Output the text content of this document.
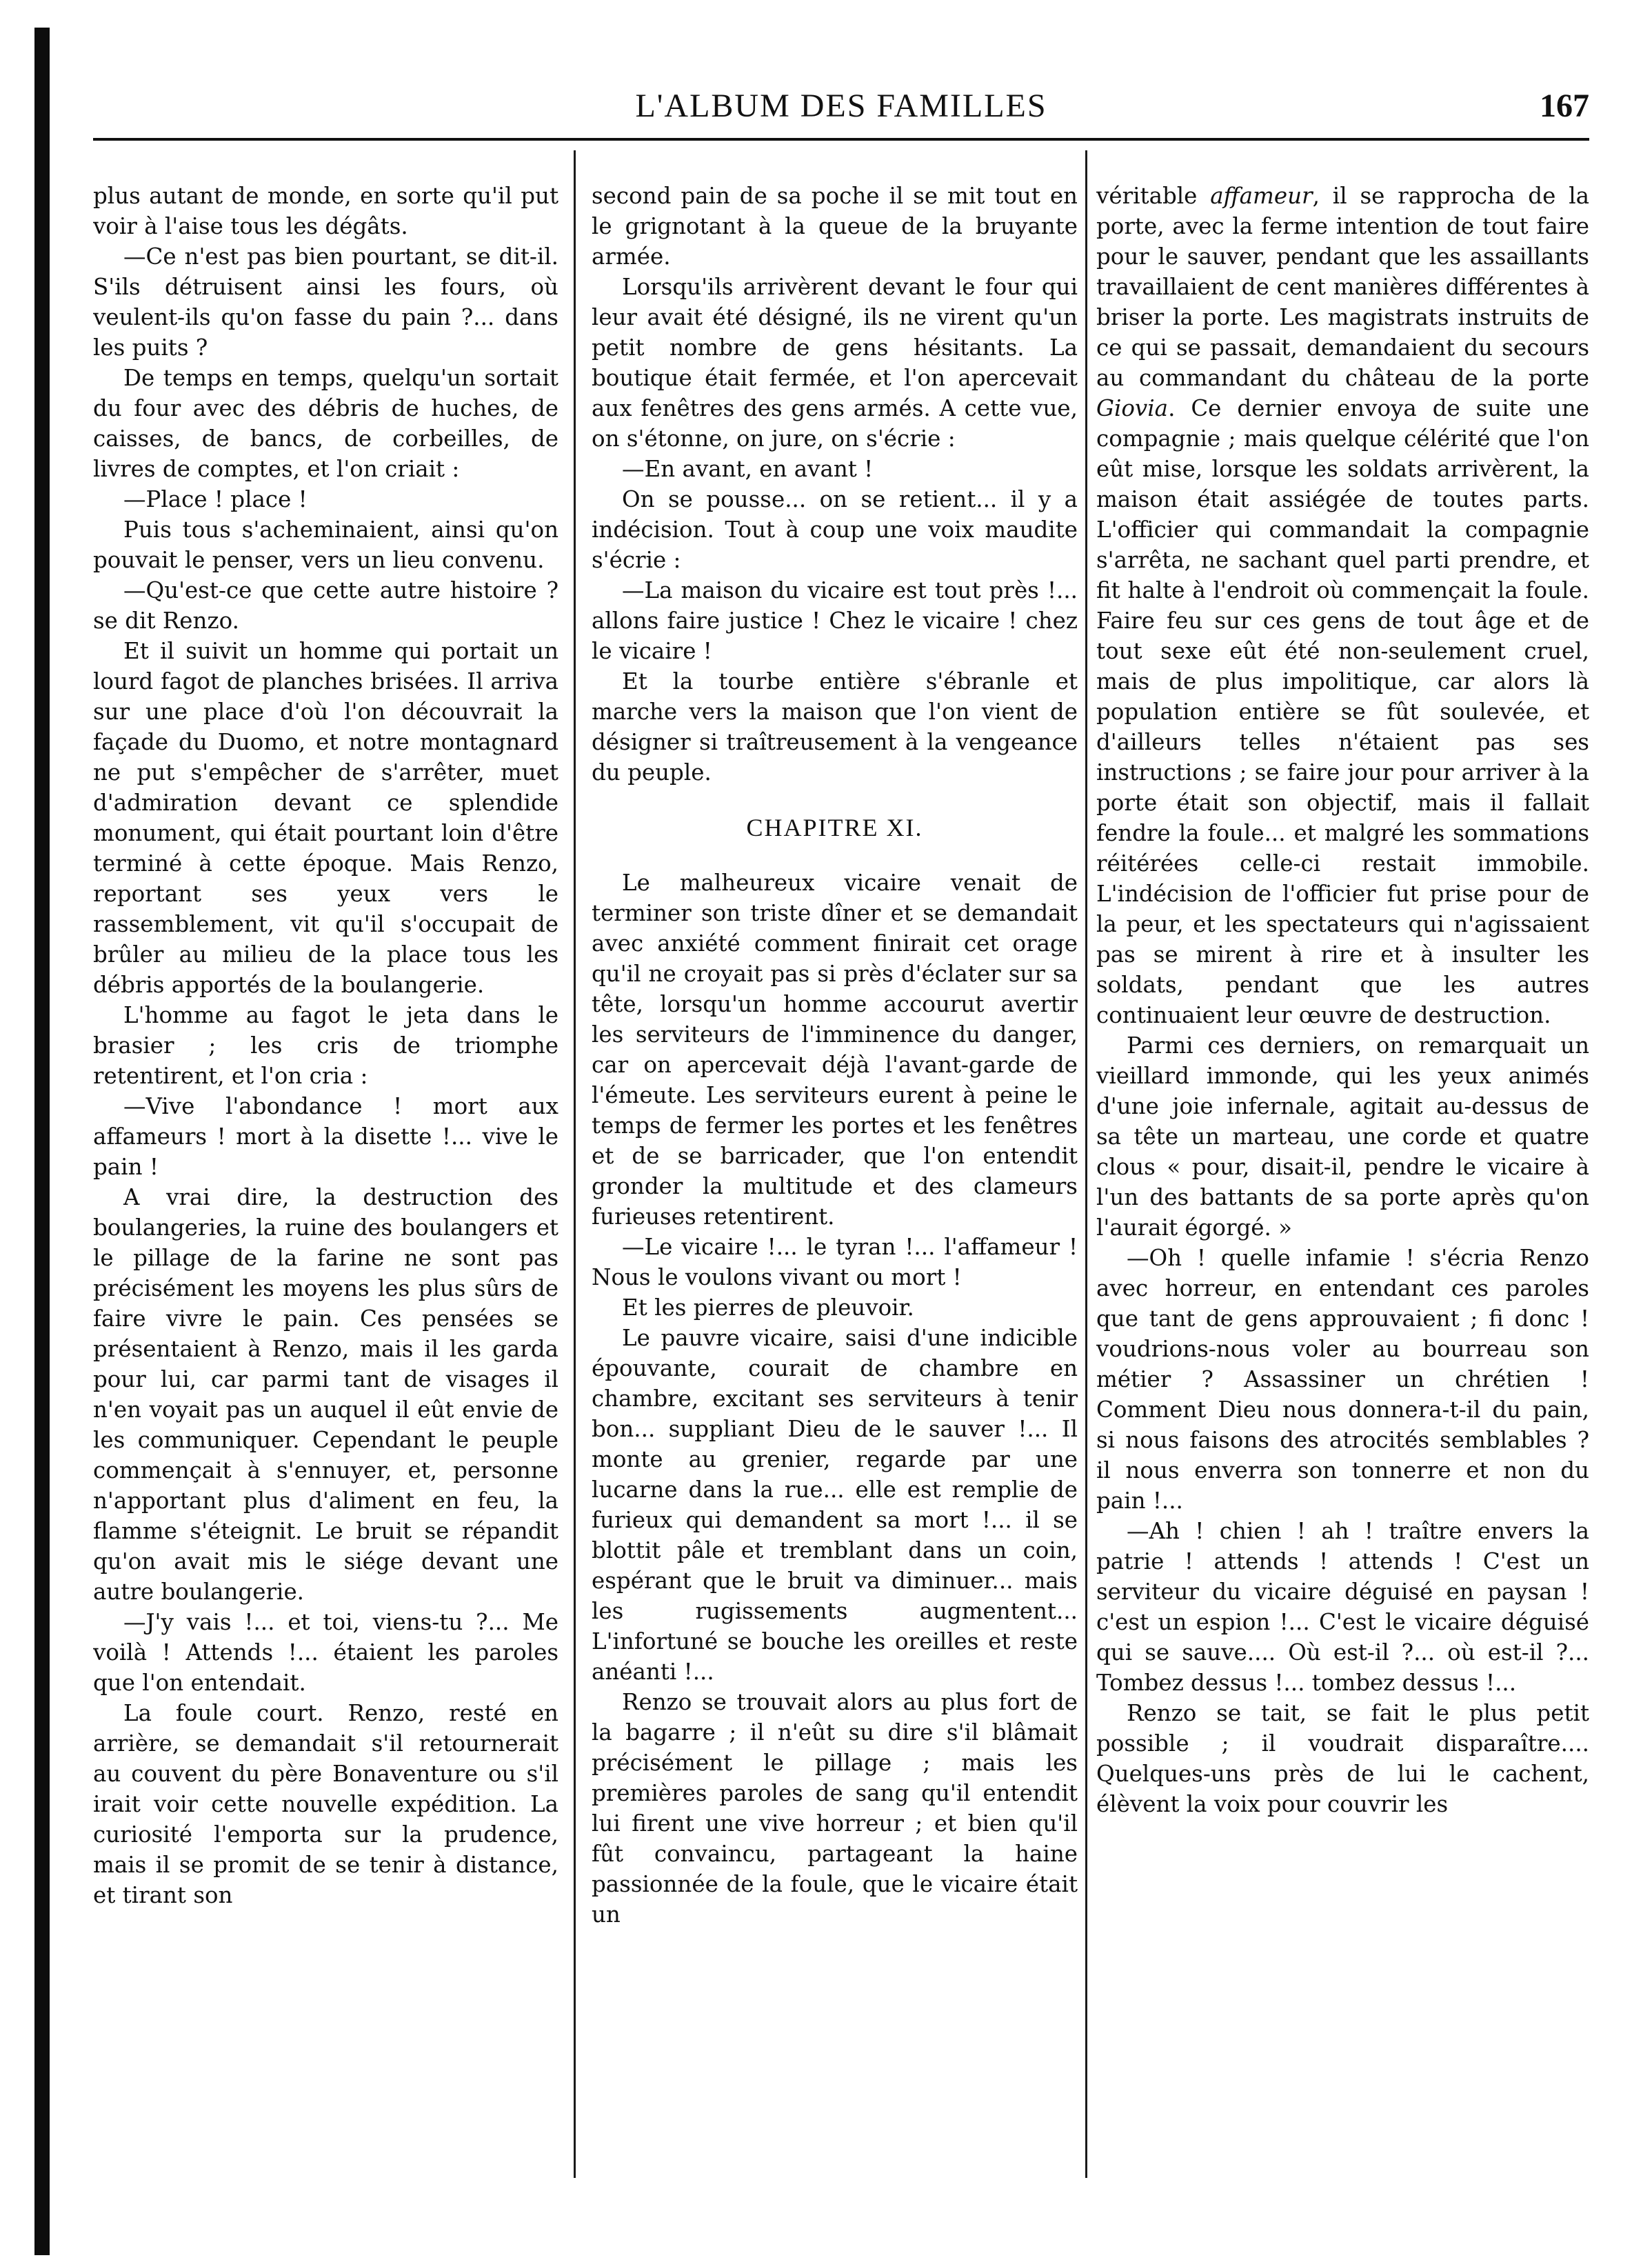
L'ALBUM DES FAMILLES	167

plus autant de monde, en sorte qu'il put voir à l'aise tous les dégâts.

—Ce n'est pas bien pourtant, se dit-il. S'ils détruisent ainsi les fours, où veulent-ils qu'on fasse du pain ?... dans les puits ?

De temps en temps, quelqu'un sortait du four avec des débris de huches, de caisses, de bancs, de corbeilles, de livres de comptes, et l'on criait :

—Place ! place !

Puis tous s'acheminaient, ainsi qu'on pouvait le penser, vers un lieu convenu.

—Qu'est-ce que cette autre histoire ? se dit Renzo.

Et il suivit un homme qui portait un lourd fagot de planches brisées. Il arriva sur une place d'où l'on découvrait la façade du Duomo, et notre montagnard ne put s'empêcher de s'arrêter, muet d'admiration devant ce splendide monument, qui était pourtant loin d'être terminé à cette époque. Mais Renzo, reportant ses yeux vers le rassemblement, vit qu'il s'occupait de brûler au milieu de la place tous les débris apportés de la boulangerie.

L'homme au fagot le jeta dans le brasier ; les cris de triomphe retentirent, et l'on cria :

—Vive l'abondance ! mort aux affameurs ! mort à la disette !... vive le pain !

A vrai dire, la destruction des boulangeries, la ruine des boulangers et le pillage de la farine ne sont pas précisément les moyens les plus sûrs de faire vivre le pain. Ces pensées se présentaient à Renzo, mais il les garda pour lui, car parmi tant de visages il n'en voyait pas un auquel il eût envie de les communiquer. Cependant le peuple commençait à s'ennuyer, et, personne n'apportant plus d'aliment en feu, la flamme s'éteignit. Le bruit se répandit qu'on avait mis le siége devant une autre boulangerie.

—J'y vais !... et toi, viens-tu ?... Me voilà ! Attends !... étaient les paroles que l'on entendait.

La foule court. Renzo, resté en arrière, se demandait s'il retournerait au couvent du père Bonaventure ou s'il irait voir cette nouvelle expédition. La curiosité l'emporta sur la prudence, mais il se promit de se tenir à distance, et tirant son

second pain de sa poche il se mit tout en le grignotant à la queue de la bruyante armée.

Lorsqu'ils arrivèrent devant le four qui leur avait été désigné, ils ne virent qu'un petit nombre de gens hésitants. La boutique était fermée, et l'on apercevait aux fenêtres des gens armés. A cette vue, on s'étonne, on jure, on s'écrie :

—En avant, en avant !

On se pousse... on se retient... il y a indécision. Tout à coup une voix maudite s'écrie :

—La maison du vicaire est tout près !... allons faire justice ! Chez le vicaire ! chez le vicaire !

Et la tourbe entière s'ébranle et marche vers la maison que l'on vient de désigner si traîtreusement à la vengeance du peuple.

CHAPITRE XI.

Le malheureux vicaire venait de terminer son triste dîner et se demandait avec anxiété comment finirait cet orage qu'il ne croyait pas si près d'éclater sur sa tête, lorsqu'un homme accourut avertir les serviteurs de l'imminence du danger, car on apercevait déjà l'avant-garde de l'émeute. Les serviteurs eurent à peine le temps de fermer les portes et les fenêtres et de se barricader, que l'on entendit gronder la multitude et des clameurs furieuses retentirent.

—Le vicaire !... le tyran !... l'affameur ! Nous le voulons vivant ou mort !

Et les pierres de pleuvoir.

Le pauvre vicaire, saisi d'une indicible épouvante, courait de chambre en chambre, excitant ses serviteurs à tenir bon... suppliant Dieu de le sauver !... Il monte au grenier, regarde par une lucarne dans la rue... elle est remplie de furieux qui demandent sa mort !... il se blottit pâle et tremblant dans un coin, espérant que le bruit va diminuer... mais les rugissements augmentent... L'infortuné se bouche les oreilles et reste anéanti !...

Renzo se trouvait alors au plus fort de la bagarre ; il n'eût su dire s'il blâmait précisément le pillage ; mais les premières paroles de sang qu'il entendit lui firent une vive horreur ; et bien qu'il fût convaincu, partageant la haine passionnée de la foule, que le vicaire était un

véritable affameur, il se rapprocha de la porte, avec la ferme intention de tout faire pour le sauver, pendant que les assaillants travaillaient de cent manières différentes à briser la porte. Les magistrats instruits de ce qui se passait, demandaient du secours au commandant du château de la porte Giovia. Ce dernier envoya de suite une compagnie ; mais quelque célérité que l'on eût mise, lorsque les soldats arrivèrent, la maison était assiégée de toutes parts. L'officier qui commandait la compagnie s'arrêta, ne sachant quel parti prendre, et fit halte à l'endroit où commençait la foule. Faire feu sur ces gens de tout âge et de tout sexe eût été non-seulement cruel, mais de plus impolitique, car alors là population entière se fût soulevée, et d'ailleurs telles n'étaient pas ses instructions ; se faire jour pour arriver à la porte était son objectif, mais il fallait fendre la foule... et malgré les sommations réitérées celle-ci restait immobile. L'indécision de l'officier fut prise pour de la peur, et les spectateurs qui n'agissaient pas se mirent à rire et à insulter les soldats, pendant que les autres continuaient leur œuvre de destruction.

Parmi ces derniers, on remarquait un vieillard immonde, qui les yeux animés d'une joie infernale, agitait au-dessus de sa tête un marteau, une corde et quatre clous « pour, disait-il, pendre le vicaire à l'un des battants de sa porte après qu'on l'aurait égorgé. »

—Oh ! quelle infamie ! s'écria Renzo avec horreur, en entendant ces paroles que tant de gens approuvaient ; fi donc ! voudrions-nous voler au bourreau son métier ? Assassiner un chrétien ! Comment Dieu nous donnera-t-il du pain, si nous faisons des atrocités semblables ? il nous enverra son tonnerre et non du pain !...

—Ah ! chien ! ah ! traître envers la patrie ! attends ! attends ! C'est un serviteur du vicaire déguisé en paysan ! c'est un espion !... C'est le vicaire déguisé qui se sauve.... Où est-il ?... où est-il ?... Tombez dessus !... tombez dessus !...

Renzo se tait, se fait le plus petit possible ; il voudrait disparaître.... Quelques-uns près de lui le cachent, élèvent la voix pour couvrir les
